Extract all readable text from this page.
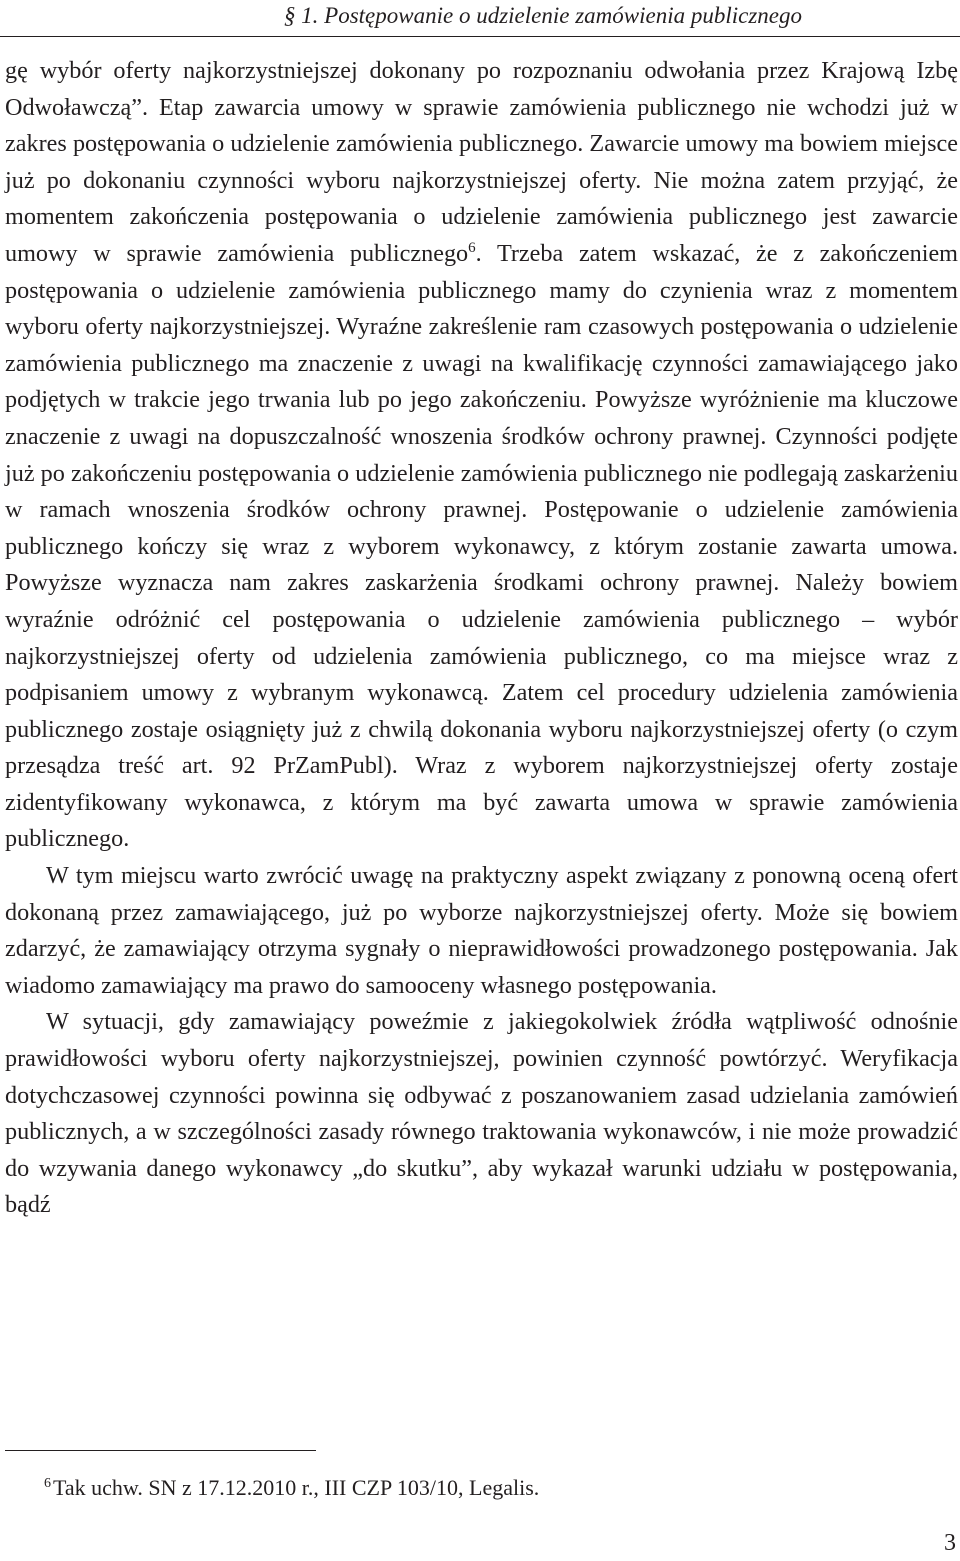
§ 1. Postępowanie o udzielenie zamówienia publicznego

gę wybór oferty najkorzystniejszej dokonany po rozpoznaniu odwołania przez Krajową Izbę Odwoławczą”. Etap zawarcia umowy w sprawie zamówienia publicznego nie wchodzi już w zakres postępowania o udzielenie zamówienia publicznego. Zawarcie umowy ma bowiem miejsce już po dokonaniu czynności wyboru najkorzystniejszej oferty. Nie można zatem przyjąć, że momentem zakończenia postępowania o udzielenie zamówienia publicznego jest zawarcie umowy w sprawie zamówienia publicznego$^6$. Trzeba zatem wskazać, że z zakończeniem postępowania o udzielenie zamówienia publicznego mamy do czynienia wraz z momentem wyboru oferty najkorzystniejszej. Wyraźne zakreślenie ram czasowych postępowania o udzielenie zamówienia publicznego ma znaczenie z uwagi na kwalifikację czynności zamawiającego jako podjętych w trakcie jego trwania lub po jego zakończeniu. Powyższe wyróżnienie ma kluczowe znaczenie z uwagi na dopuszczalność wnoszenia środków ochrony prawnej. Czynności podjęte już po zakończeniu postępowania o udzielenie zamówienia publicznego nie podlegają zaskarżeniu w ramach wnoszenia środków ochrony prawnej. Postępowanie o udzielenie zamówienia publicznego kończy się wraz z wyborem wykonawcy, z którym zostanie zawarta umowa. Powyższe wyznacza nam zakres zaskarżenia środkami ochrony prawnej. Należy bowiem wyraźnie odróżnić cel postępowania o udzielenie zamówienia publicznego – wybór najkorzystniejszej oferty od udzielenia zamówienia publicznego, co ma miejsce wraz z podpisaniem umowy z wybranym wykonawcą. Zatem cel procedury udzielenia zamówienia publicznego zostaje osiągnięty już z chwilą dokonania wyboru najkorzystniejszej oferty (o czym przesądza treść art. 92 PrZamPubl). Wraz z wyborem najkorzystniejszej oferty zostaje zidentyfikowany wykonawca, z którym ma być zawarta umowa w sprawie zamówienia publicznego.

W tym miejscu warto zwrócić uwagę na praktyczny aspekt związany z ponowną oceną ofert dokonaną przez zamawiającego, już po wyborze najkorzystniejszej oferty. Może się bowiem zdarzyć, że zamawiający otrzyma sygnały o nieprawidłowości prowadzonego postępowania. Jak wiadomo zamawiający ma prawo do samooceny własnego postępowania.

W sytuacji, gdy zamawiający poweźmie z jakiegokolwiek źródła wątpliwość odnośnie prawidłowości wyboru oferty najkorzystniejszej, powinien czynność powtórzyć. Weryfikacja dotychczasowej czynności powinna się odbywać z poszanowaniem zasad udzielania zamówień publicznych, a w szczególności zasady równego traktowania wykonawców, i nie może prowadzić do wzywania danego wykonawcy „do skutku”, aby wykazał warunki udziału w postępowania, bądź

$^6$Tak uchw. SN z 17.12.2010 r., III CZP 103/10, Legalis.
3
